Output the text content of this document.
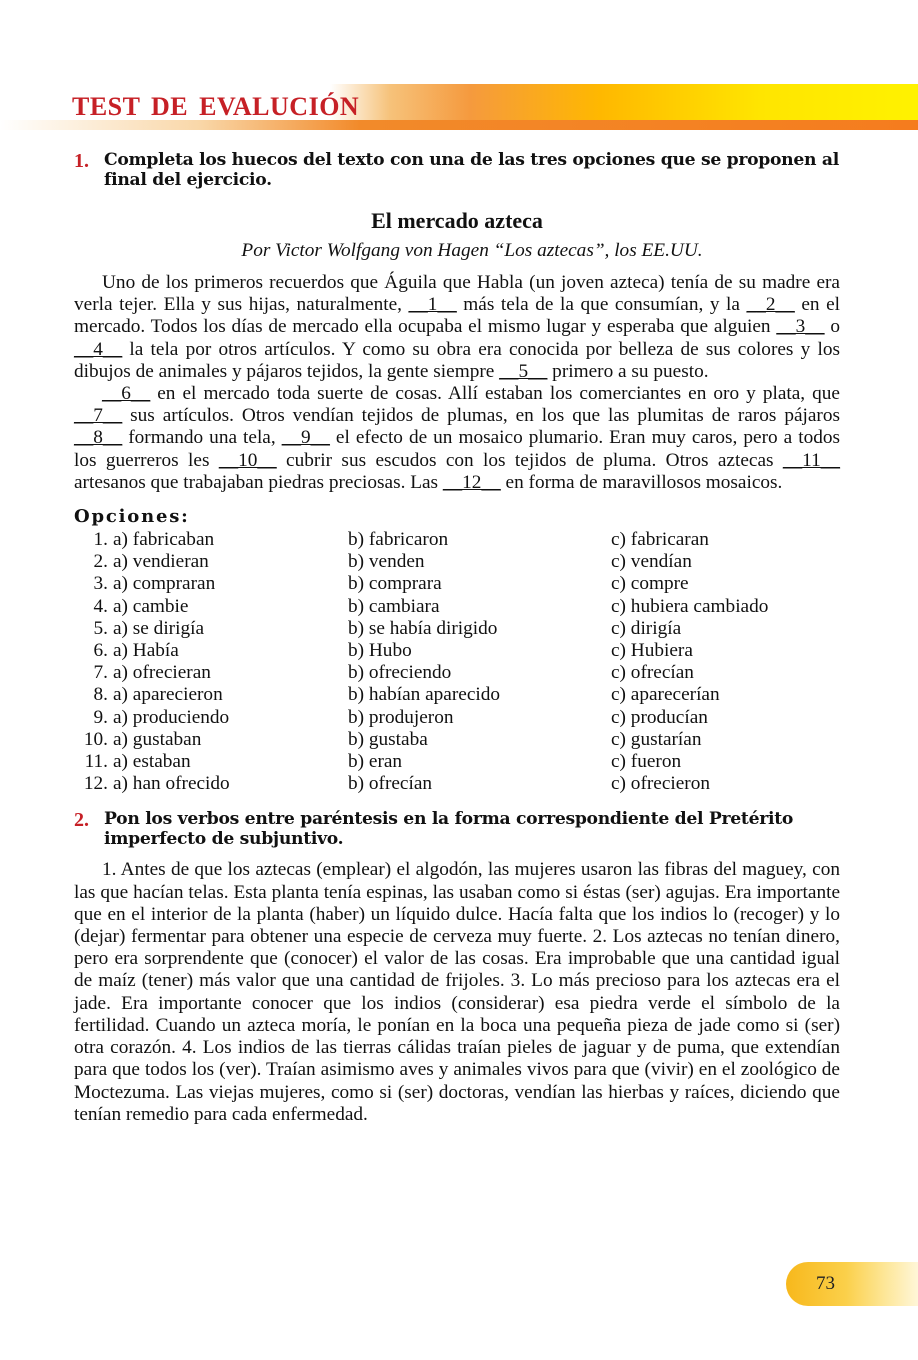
TEST DE EVALUCIÓN
1. Completa los huecos del texto con una de las tres opciones que se proponen al final del ejercicio.
El mercado azteca
Por Victor Wolfgang von Hagen “Los aztecas”, los EE.UU.

Uno de los primeros recuerdos que Águila que Habla (un joven azteca) tenía de su madre era verla tejer. Ella y sus hijas, naturalmente, __1__ más tela de la que consumían, y la __2__ en el mercado. Todos los días de mercado ella ocupaba el mismo lugar y esperaba que alguien __3__ o __4__ la tela por otros artículos. Y como su obra era conocida por belleza de sus colores y los dibujos de animales y pájaros tejidos, la gente siempre __5__ primero a su puesto.

__6__ en el mercado toda suerte de cosas. Allí estaban los comerciantes en oro y plata, que __7__ sus artículos. Otros vendían tejidos de plumas, en los que las plumitas de raros pájaros __8__ formando una tela, __9__ el efecto de un mosaico plumario. Eran muy caros, pero a todos los guerreros les __10__ cubrir sus escudos con los tejidos de pluma. Otros aztecas __11__ artesanos que trabajaban piedras preciosas. Las __12__ en forma de maravillosos mosaicos.

Opciones:
1. a) fabricaban	b) fabricaron	c) fabricaran
2. a) vendieran	b) venden	c) vendían
3. a) compraran	b) comprara	c) compre
4. a) cambie	b) cambiara	c) hubiera cambiado
5. a) se dirigía	b) se había dirigido	c) dirigía
6. a) Había	b) Hubo	c) Hubiera
7. a) ofrecieran	b) ofreciendo	c) ofrecían
8. a) aparecieron	b) habían aparecido	c) aparecerían
9. a) produciendo	b) produjeron	c) producían
10. a) gustaban	b) gustaba	c) gustarían
11. a) estaban	b) eran	c) fueron
12. a) han ofrecido	b) ofrecían	c) ofrecieron
2. Pon los verbos entre paréntesis en la forma correspondiente del Pretérito imperfecto de subjuntivo.

1. Antes de que los aztecas (emplear) el algodón, las mujeres usaron las fibras del maguey, con las que hacían telas. Esta planta tenía espinas, las usaban como si éstas (ser) agujas. Era importante que en el interior de la planta (haber) un líquido dulce. Hacía falta que los indios lo (recoger) y lo (dejar) fermentar para obtener una especie de cerveza muy fuerte. 2. Los aztecas no tenían dinero, pero era sorprendente que (conocer) el valor de las cosas. Era improbable que una cantidad igual de maíz (tener) más valor que una cantidad de frijoles. 3. Lo más precioso para los aztecas era el jade. Era importante conocer que los indios (considerar) esa piedra verde el símbolo de la fertilidad. Cuando un azteca moría, le ponían en la boca una pequeña pieza de jade como si (ser) otra corazón. 4. Los indios de las tierras cálidas traían pieles de jaguar y de puma, que extendían para que todos los (ver). Traían asimismo aves y animales vivos para que (vivir) en el zoológico de Moctezuma. Las viejas mujeres, como si (ser) doctoras, vendían las hierbas y raíces, diciendo que tenían remedio para cada enfermedad.

73
